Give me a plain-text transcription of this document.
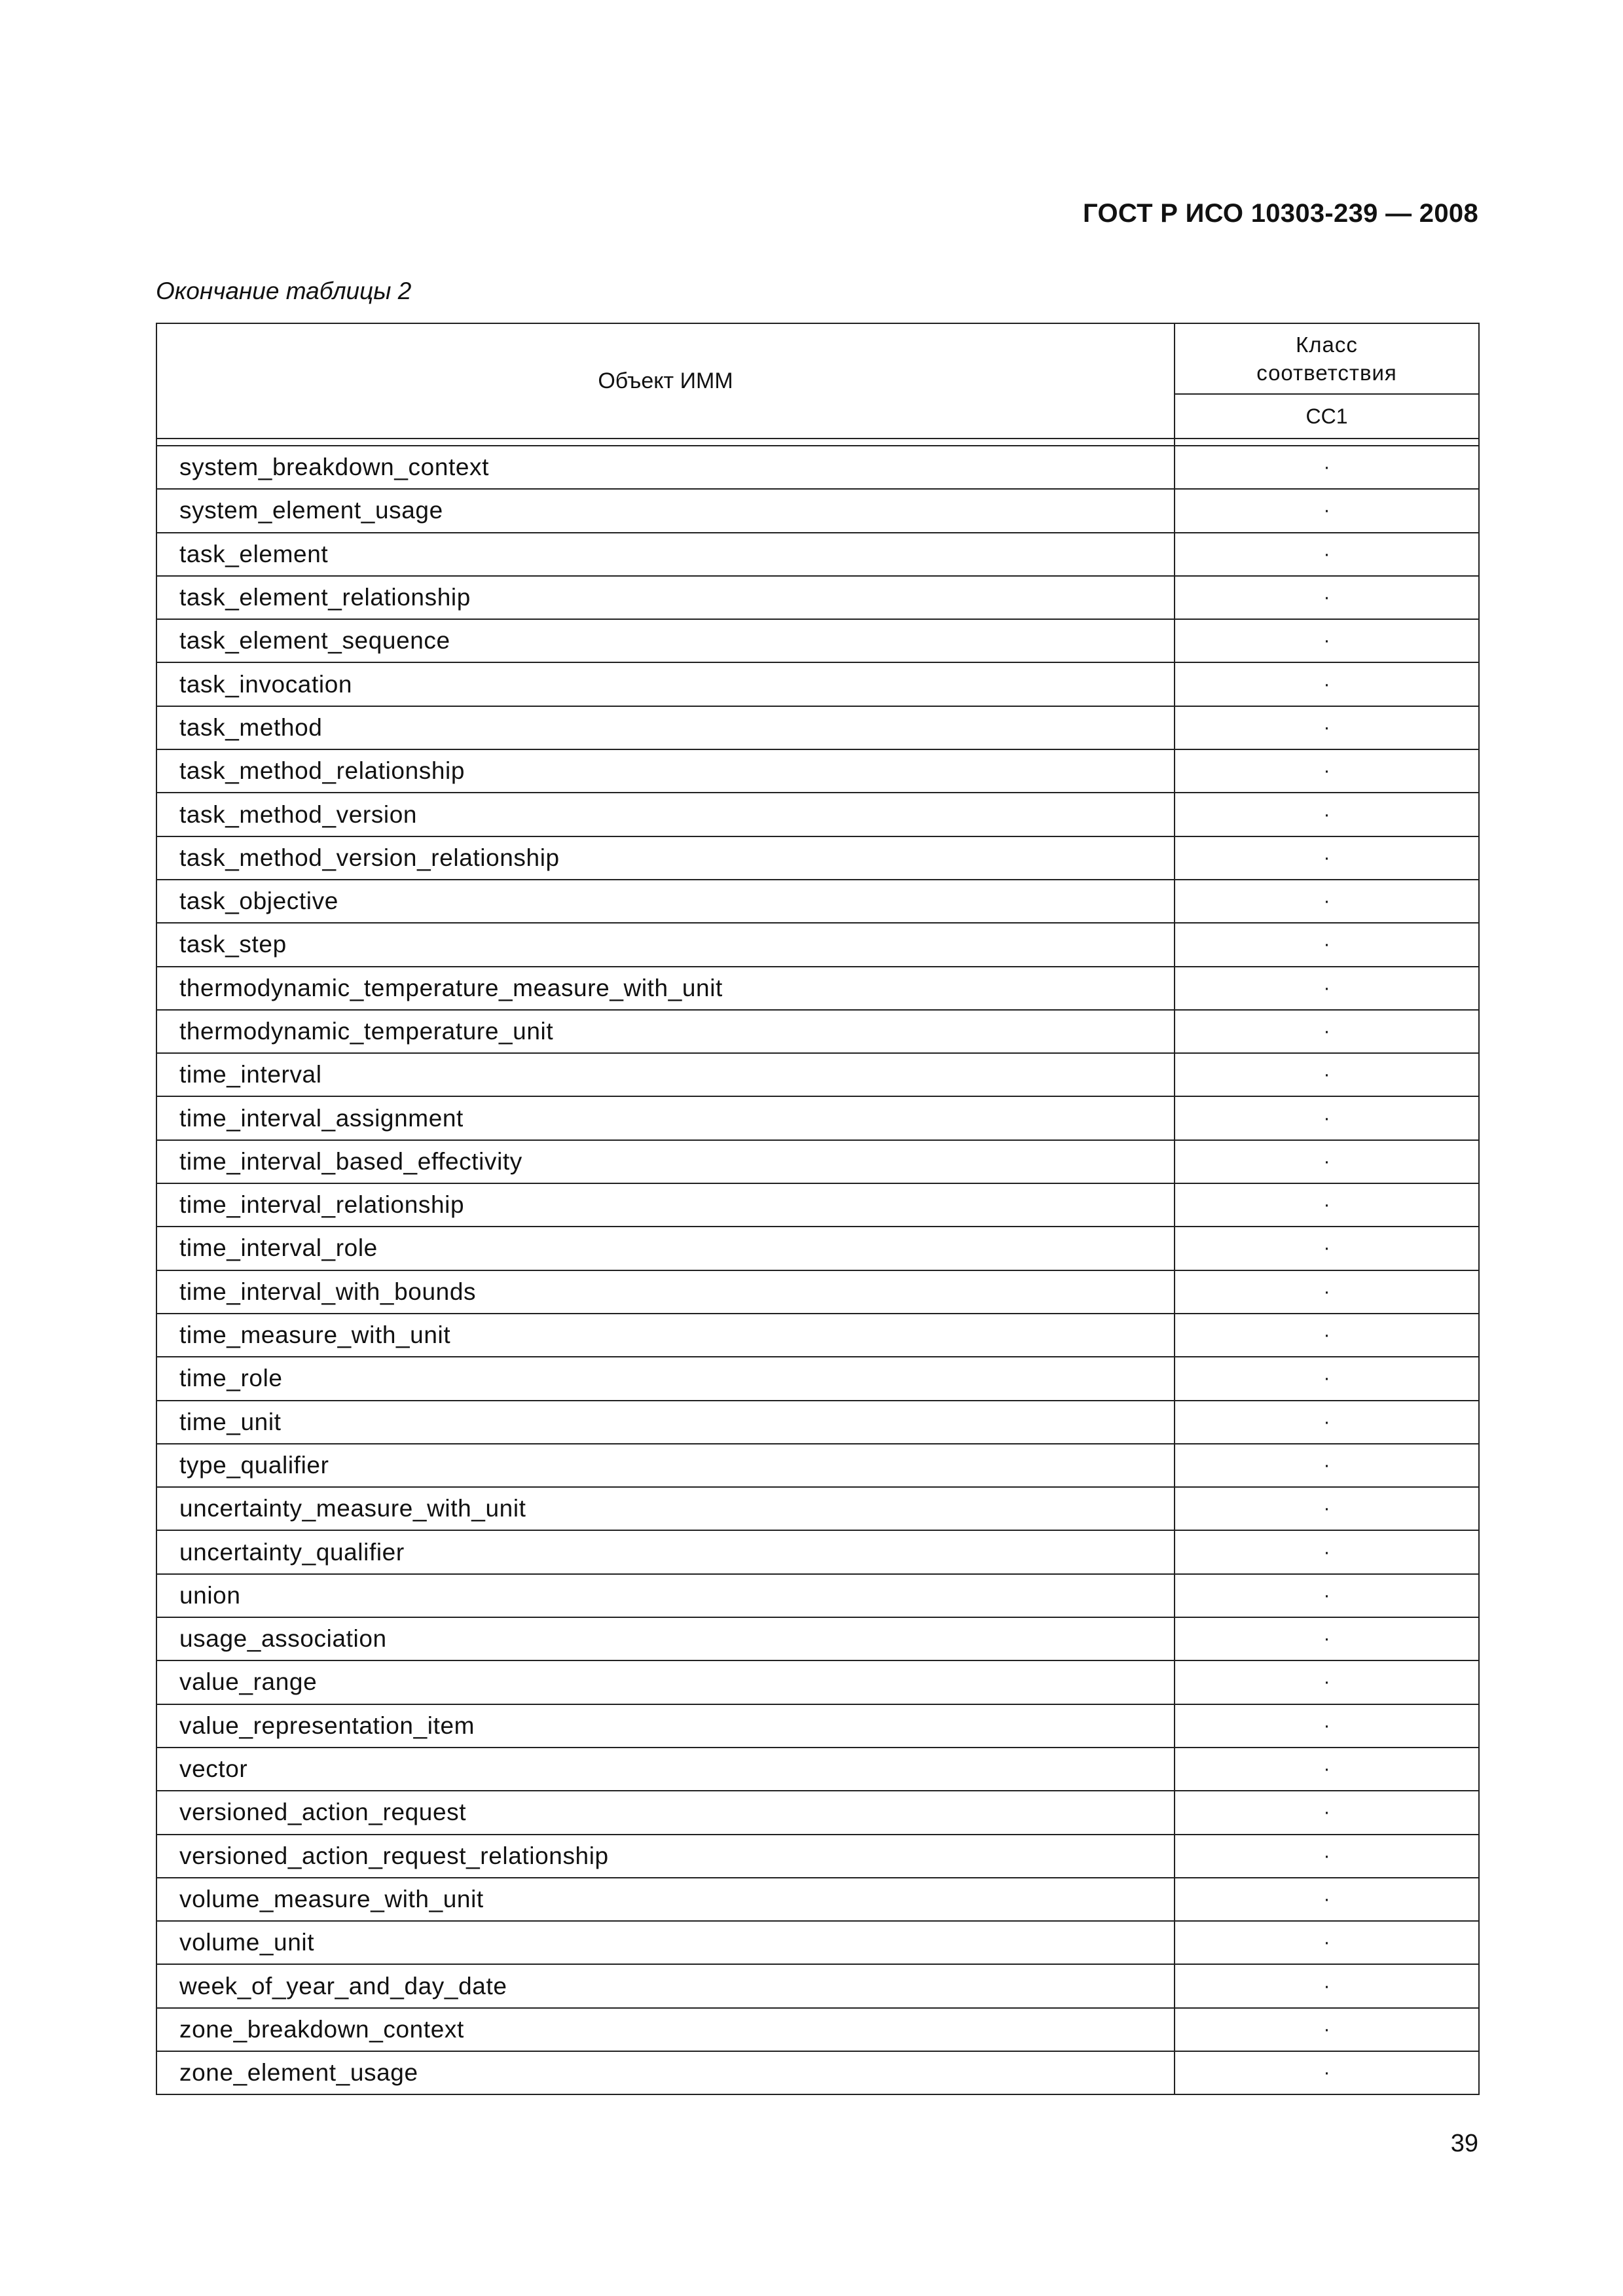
ГОСТ Р ИСО 10303-239 — 2008
Окончание таблицы 2
Объект ИММ	Класс
соответствия
	CC1

system_breakdown_context	·
system_element_usage	·
task_element	·
task_element_relationship	·
task_element_sequence	·
task_invocation	·
task_method	·
task_method_relationship	·
task_method_version	·
task_method_version_relationship	·
task_objective	·
task_step	·
thermodynamic_temperature_measure_with_unit	·
thermodynamic_temperature_unit	·
time_interval	·
time_interval_assignment	·
time_interval_based_effectivity	·
time_interval_relationship	·
time_interval_role	·
time_interval_with_bounds	·
time_measure_with_unit	·
time_role	·
time_unit	·
type_qualifier	·
uncertainty_measure_with_unit	·
uncertainty_qualifier	·
union	·
usage_association	·
value_range	·
value_representation_item	·
vector	·
versioned_action_request	·
versioned_action_request_relationship	·
volume_measure_with_unit	·
volume_unit	·
week_of_year_and_day_date	·
zone_breakdown_context	·
zone_element_usage	·
39
